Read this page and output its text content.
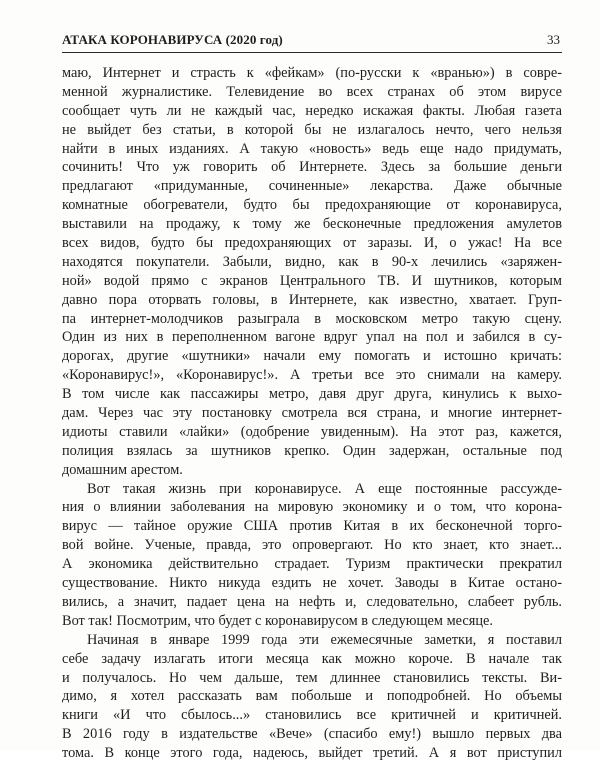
АТАКА КОРОНАВИРУСА (2020 год)	33
маю, Интернет и страсть к «фейкам» (по-русски к «вранью») в совре-
менной журналистике. Телевидение во всех странах об этом вирусе
сообщает чуть ли не каждый час, нередко искажая факты. Любая газета
не выйдет без статьи, в которой бы не излагалось нечто, чего нельзя
найти в иных изданиях. А такую «новость» ведь еще надо придумать,
сочинить! Что уж говорить об Интернете. Здесь за большие деньги
предлагают «придуманные, сочиненные» лекарства. Даже обычные
комнатные обогреватели, будто бы предохраняющие от коронавируса,
выставили на продажу, к тому же бесконечные предложения амулетов
всех видов, будто бы предохраняющих от заразы. И, о ужас! На все
находятся покупатели. Забыли, видно, как в 90-х лечились «заряжен-
ной» водой прямо с экранов Центрального ТВ. И шутников, которым
давно пора оторвать головы, в Интернете, как известно, хватает. Груп-
па интернет-молодчиков разыграла в московском метро такую сцену.
Один из них в переполненном вагоне вдруг упал на пол и забился в су-
дорогах, другие «шутники» начали ему помогать и истошно кричать:
«Коронавирус!», «Коронавирус!». А третьи все это снимали на камеру.
В том числе как пассажиры метро, давя друг друга, кинулись к выхо-
дам. Через час эту постановку смотрела вся страна, и многие интернет-
идиоты ставили «лайки» (одобрение увиденным). На этот раз, кажется,
полиция взялась за шутников крепко. Один задержан, остальные под
домашним арестом.
Вот такая жизнь при коронавирусе. А еще постоянные рассужде-
ния о влиянии заболевания на мировую экономику и о том, что корона-
вирус — тайное оружие США против Китая в их бесконечной торго-
вой войне. Ученые, правда, это опровергают. Но кто знает, кто знает...
А экономика действительно страдает. Туризм практически прекратил
существование. Никто никуда ездить не хочет. Заводы в Китае остано-
вились, а значит, падает цена на нефть и, следовательно, слабеет рубль.
Вот так! Посмотрим, что будет с коронавирусом в следующем месяце.
Начиная в январе 1999 года эти ежемесячные заметки, я поставил
себе задачу излагать итоги месяца как можно короче. В начале так
и получалось. Но чем дальше, тем длиннее становились тексты. Ви-
димо, я хотел рассказать вам побольше и поподробней. Но объемы
книги «И что сбылось...» становились все критичней и критичней.
В 2016 году в издательстве «Вече» (спасибо ему!) вышло первых два
тома. В конце этого года, надеюсь, выйдет третий. А я вот приступил
